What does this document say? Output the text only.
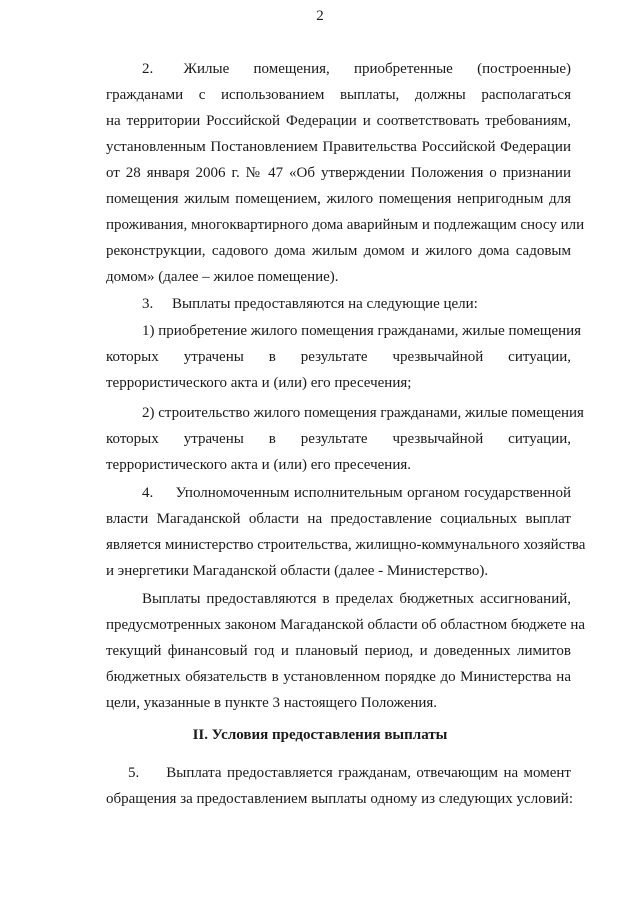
2
2.     Жилые    помещения,    приобретенные    (построенные)
гражданами с использованием выплаты, должны располагаться
на территории Российской Федерации и соответствовать требованиям,
установленным Постановлением Правительства Российской Федерации
от 28 января 2006 г. № 47 «Об утверждении Положения о признании
помещения жилым помещением, жилого помещения непригодным для
проживания, многоквартирного дома аварийным и подлежащим сносу или
реконструкции, садового дома жилым домом и жилого дома садовым
домом» (далее – жилое помещение).
3.     Выплаты предоставляются на следующие цели:
1) приобретение жилого помещения гражданами, жилые помещения
которых утрачены в результате чрезвычайной ситуации,
террористического акта и (или) его пресечения;
2) строительство жилого помещения гражданами, жилые помещения
которых утрачены в результате чрезвычайной ситуации,
террористического акта и (или) его пресечения.
4.     Уполномоченным исполнительным органом государственной
власти Магаданской области на предоставление социальных выплат
является министерство строительства, жилищно-коммунального хозяйства
и энергетики Магаданской области (далее - Министерство).
Выплаты предоставляются в пределах бюджетных ассигнований,
предусмотренных законом Магаданской области об областном бюджете на
текущий финансовый год и плановый период, и доведенных лимитов
бюджетных обязательств в установленном порядке до Министерства на
цели, указанные в пункте 3 настоящего Положения.
II. Условия предоставления выплаты
5.     Выплата предоставляется гражданам, отвечающим на момент
обращения за предоставлением выплаты одному из следующих условий:
